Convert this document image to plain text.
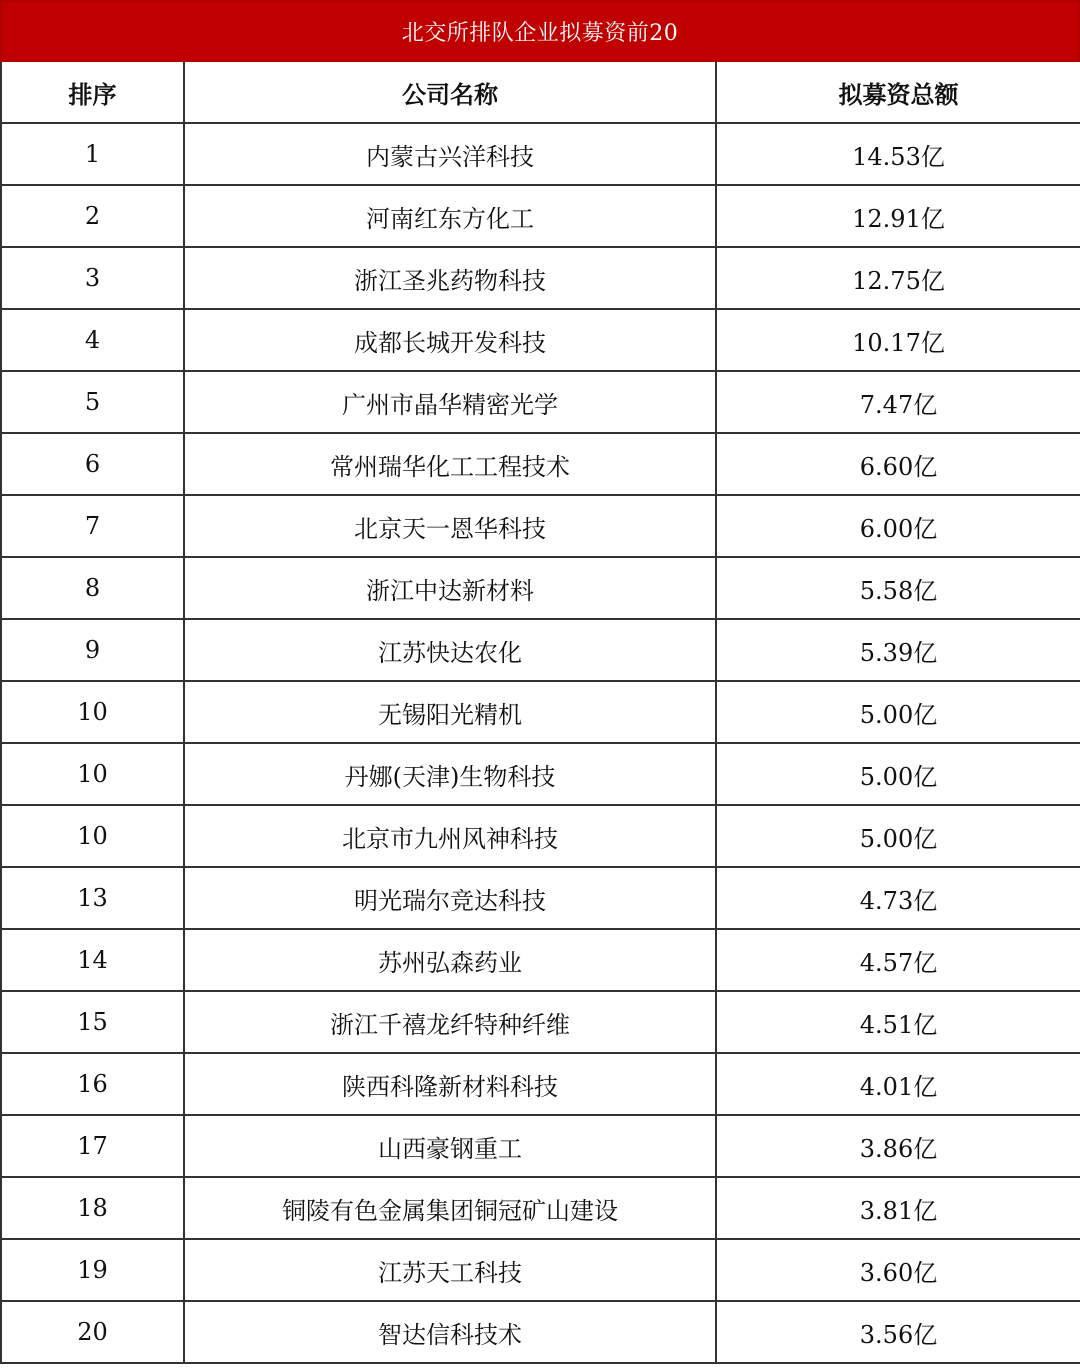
北交所排队企业拟募资前20
排序	公司名称	拟募资总额
1	内蒙古兴洋科技	14.53亿
2	河南红东方化工	12.91亿
3	浙江圣兆药物科技	12.75亿
4	成都长城开发科技	10.17亿
5	广州市晶华精密光学	7.47亿
6	常州瑞华化工工程技术	6.60亿
7	北京天一恩华科技	6.00亿
8	浙江中达新材料	5.58亿
9	江苏快达农化	5.39亿
10	无锡阳光精机	5.00亿
10	丹娜(天津)生物科技	5.00亿
10	北京市九州风神科技	5.00亿
13	明光瑞尔竞达科技	4.73亿
14	苏州弘森药业	4.57亿
15	浙江千禧龙纤特种纤维	4.51亿
16	陕西科隆新材料科技	4.01亿
17	山西豪钢重工	3.86亿
18	铜陵有色金属集团铜冠矿山建设	3.81亿
19	江苏天工科技	3.60亿
20	智达信科技术	3.56亿
